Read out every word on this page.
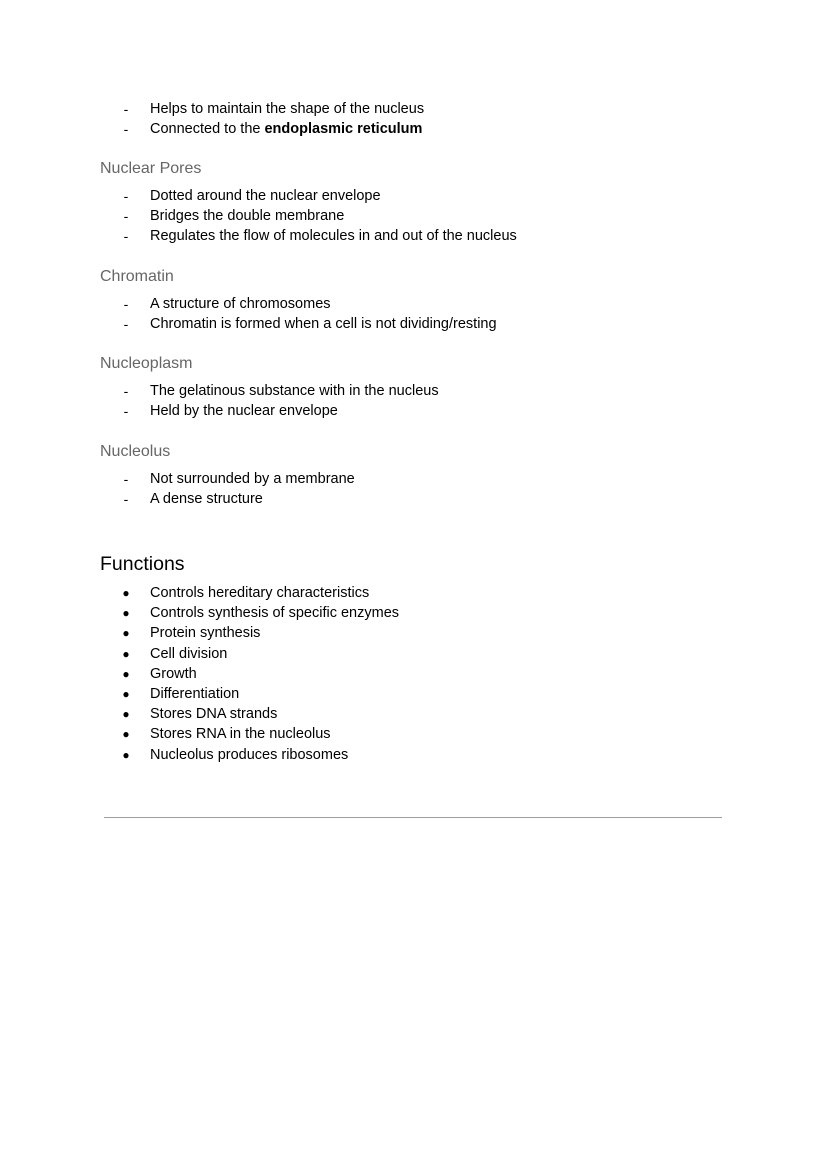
-	Helps to maintain the shape of the nucleus
-	Connected to the endoplasmic reticulum
Nuclear Pores
-	Dotted around the nuclear envelope
-	Bridges the double membrane
-	Regulates the flow of molecules in and out of the nucleus
Chromatin
-	A structure of chromosomes
-	Chromatin is formed when a cell is not dividing/resting
Nucleoplasm
-	The gelatinous substance with in the nucleus
-	Held by the nuclear envelope
Nucleolus
-	Not surrounded by a membrane
-	A dense structure
Functions
●	Controls hereditary characteristics
●	Controls synthesis of specific enzymes
●	Protein synthesis
●	Cell division
●	Growth
●	Differentiation
●	Stores DNA strands
●	Stores RNA in the nucleolus
●	Nucleolus produces ribosomes
